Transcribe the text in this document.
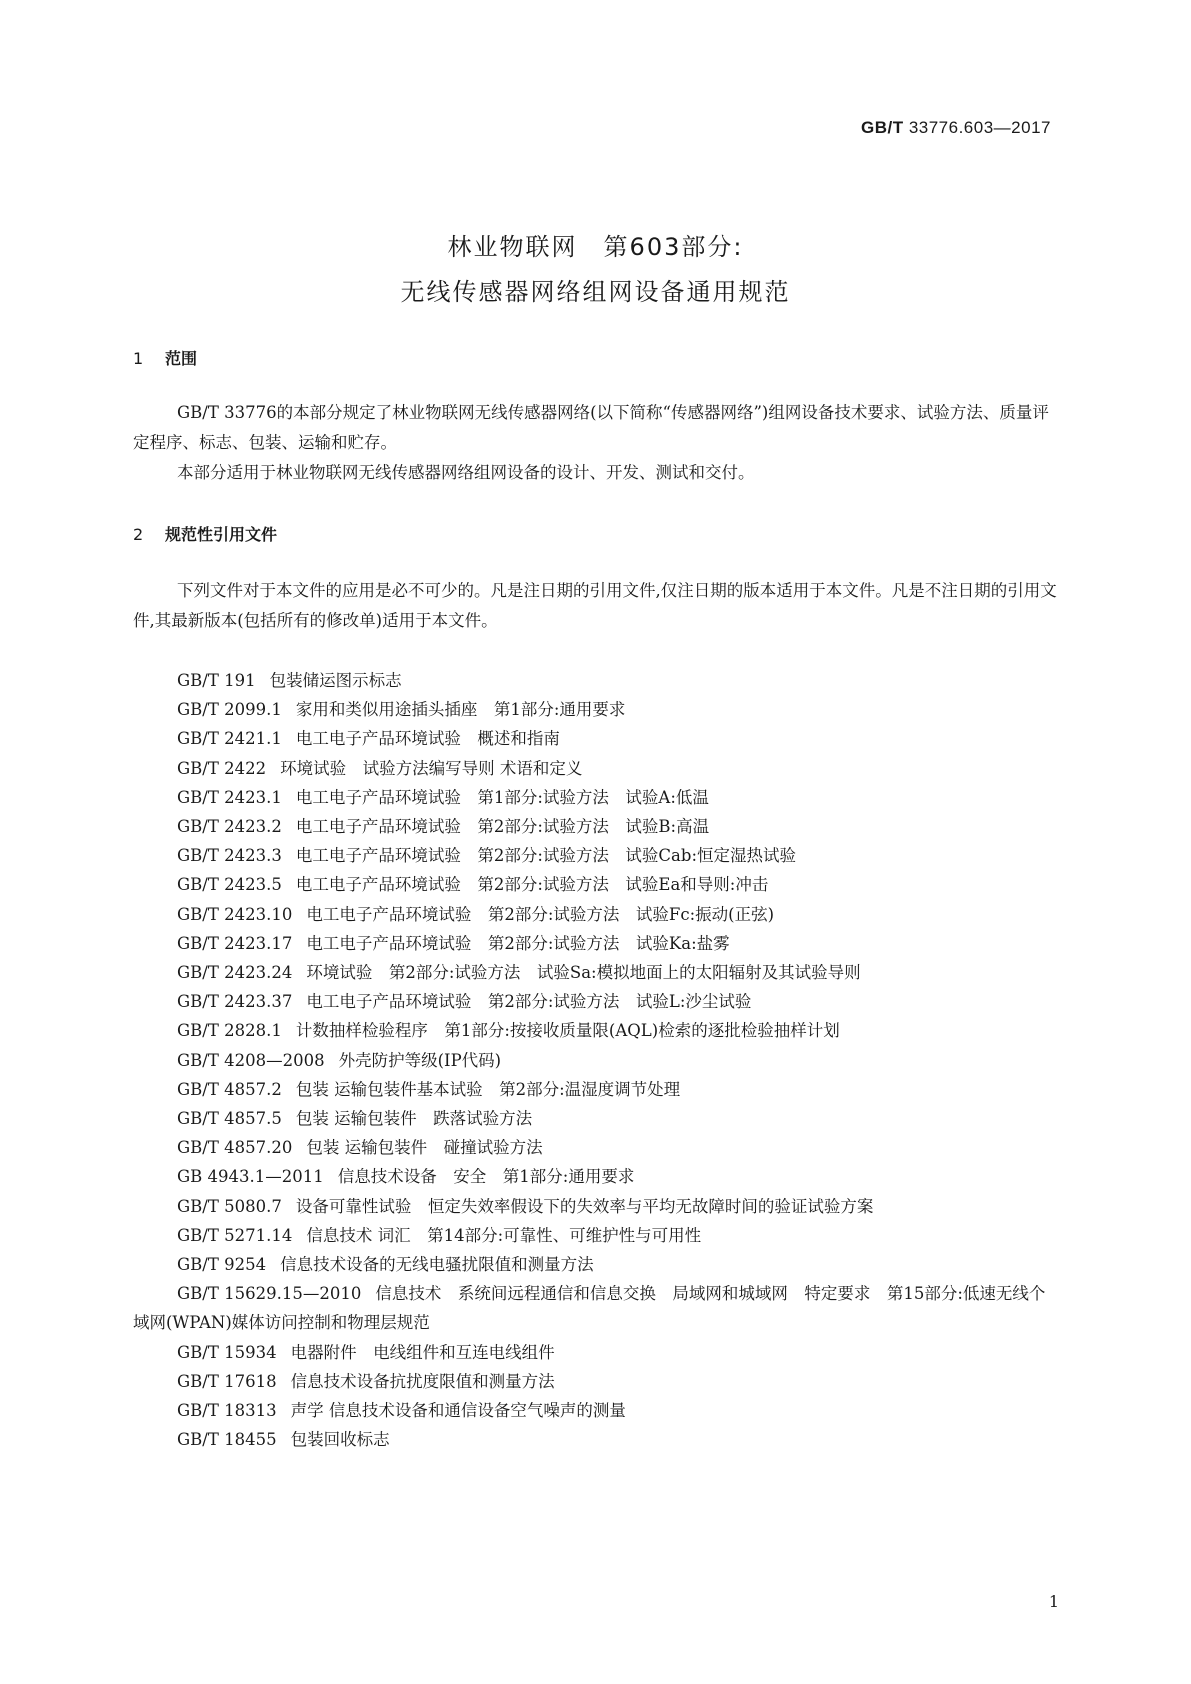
GB/T 33776.603—2017
林业物联网　第603部分:
无线传感器网络组网设备通用规范
1 范围
GB/T 33776的本部分规定了林业物联网无线传感器网络(以下简称“传感器网络”)组网设备技术要求、试验方法、质量评定程序、标志、包装、运输和贮存。
本部分适用于林业物联网无线传感器网络组网设备的设计、开发、测试和交付。
2 规范性引用文件
下列文件对于本文件的应用是必不可少的。凡是注日期的引用文件,仅注日期的版本适用于本文件。凡是不注日期的引用文件,其最新版本(包括所有的修改单)适用于本文件。
GB/T 191 包装储运图示标志
GB/T 2099.1 家用和类似用途插头插座　第1部分:通用要求
GB/T 2421.1 电工电子产品环境试验　概述和指南
GB/T 2422 环境试验　试验方法编写导则 术语和定义
GB/T 2423.1 电工电子产品环境试验　第1部分:试验方法　试验A:低温
GB/T 2423.2 电工电子产品环境试验　第2部分:试验方法　试验B:高温
GB/T 2423.3 电工电子产品环境试验　第2部分:试验方法　试验Cab:恒定湿热试验
GB/T 2423.5 电工电子产品环境试验　第2部分:试验方法　试验Ea和导则:冲击
GB/T 2423.10 电工电子产品环境试验　第2部分:试验方法　试验Fc:振动(正弦)
GB/T 2423.17 电工电子产品环境试验　第2部分:试验方法　试验Ka:盐雾
GB/T 2423.24 环境试验　第2部分:试验方法　试验Sa:模拟地面上的太阳辐射及其试验导则
GB/T 2423.37 电工电子产品环境试验　第2部分:试验方法　试验L:沙尘试验
GB/T 2828.1 计数抽样检验程序　第1部分:按接收质量限(AQL)检索的逐批检验抽样计划
GB/T 4208—2008 外壳防护等级(IP代码)
GB/T 4857.2 包装 运输包装件基本试验　第2部分:温湿度调节处理
GB/T 4857.5 包装 运输包装件　跌落试验方法
GB/T 4857.20 包装 运输包装件　碰撞试验方法
GB 4943.1—2011 信息技术设备　安全　第1部分:通用要求
GB/T 5080.7 设备可靠性试验　恒定失效率假设下的失效率与平均无故障时间的验证试验方案
GB/T 5271.14 信息技术 词汇　第14部分:可靠性、可维护性与可用性
GB/T 9254 信息技术设备的无线电骚扰限值和测量方法
GB/T 15629.15—2010 信息技术　系统间远程通信和信息交换　局域网和城域网　特定要求　第15部分:低速无线个域网(WPAN)媒体访问控制和物理层规范
GB/T 15934 电器附件　电线组件和互连电线组件
GB/T 17618 信息技术设备抗扰度限值和测量方法
GB/T 18313 声学 信息技术设备和通信设备空气噪声的测量
GB/T 18455 包装回收标志
1
